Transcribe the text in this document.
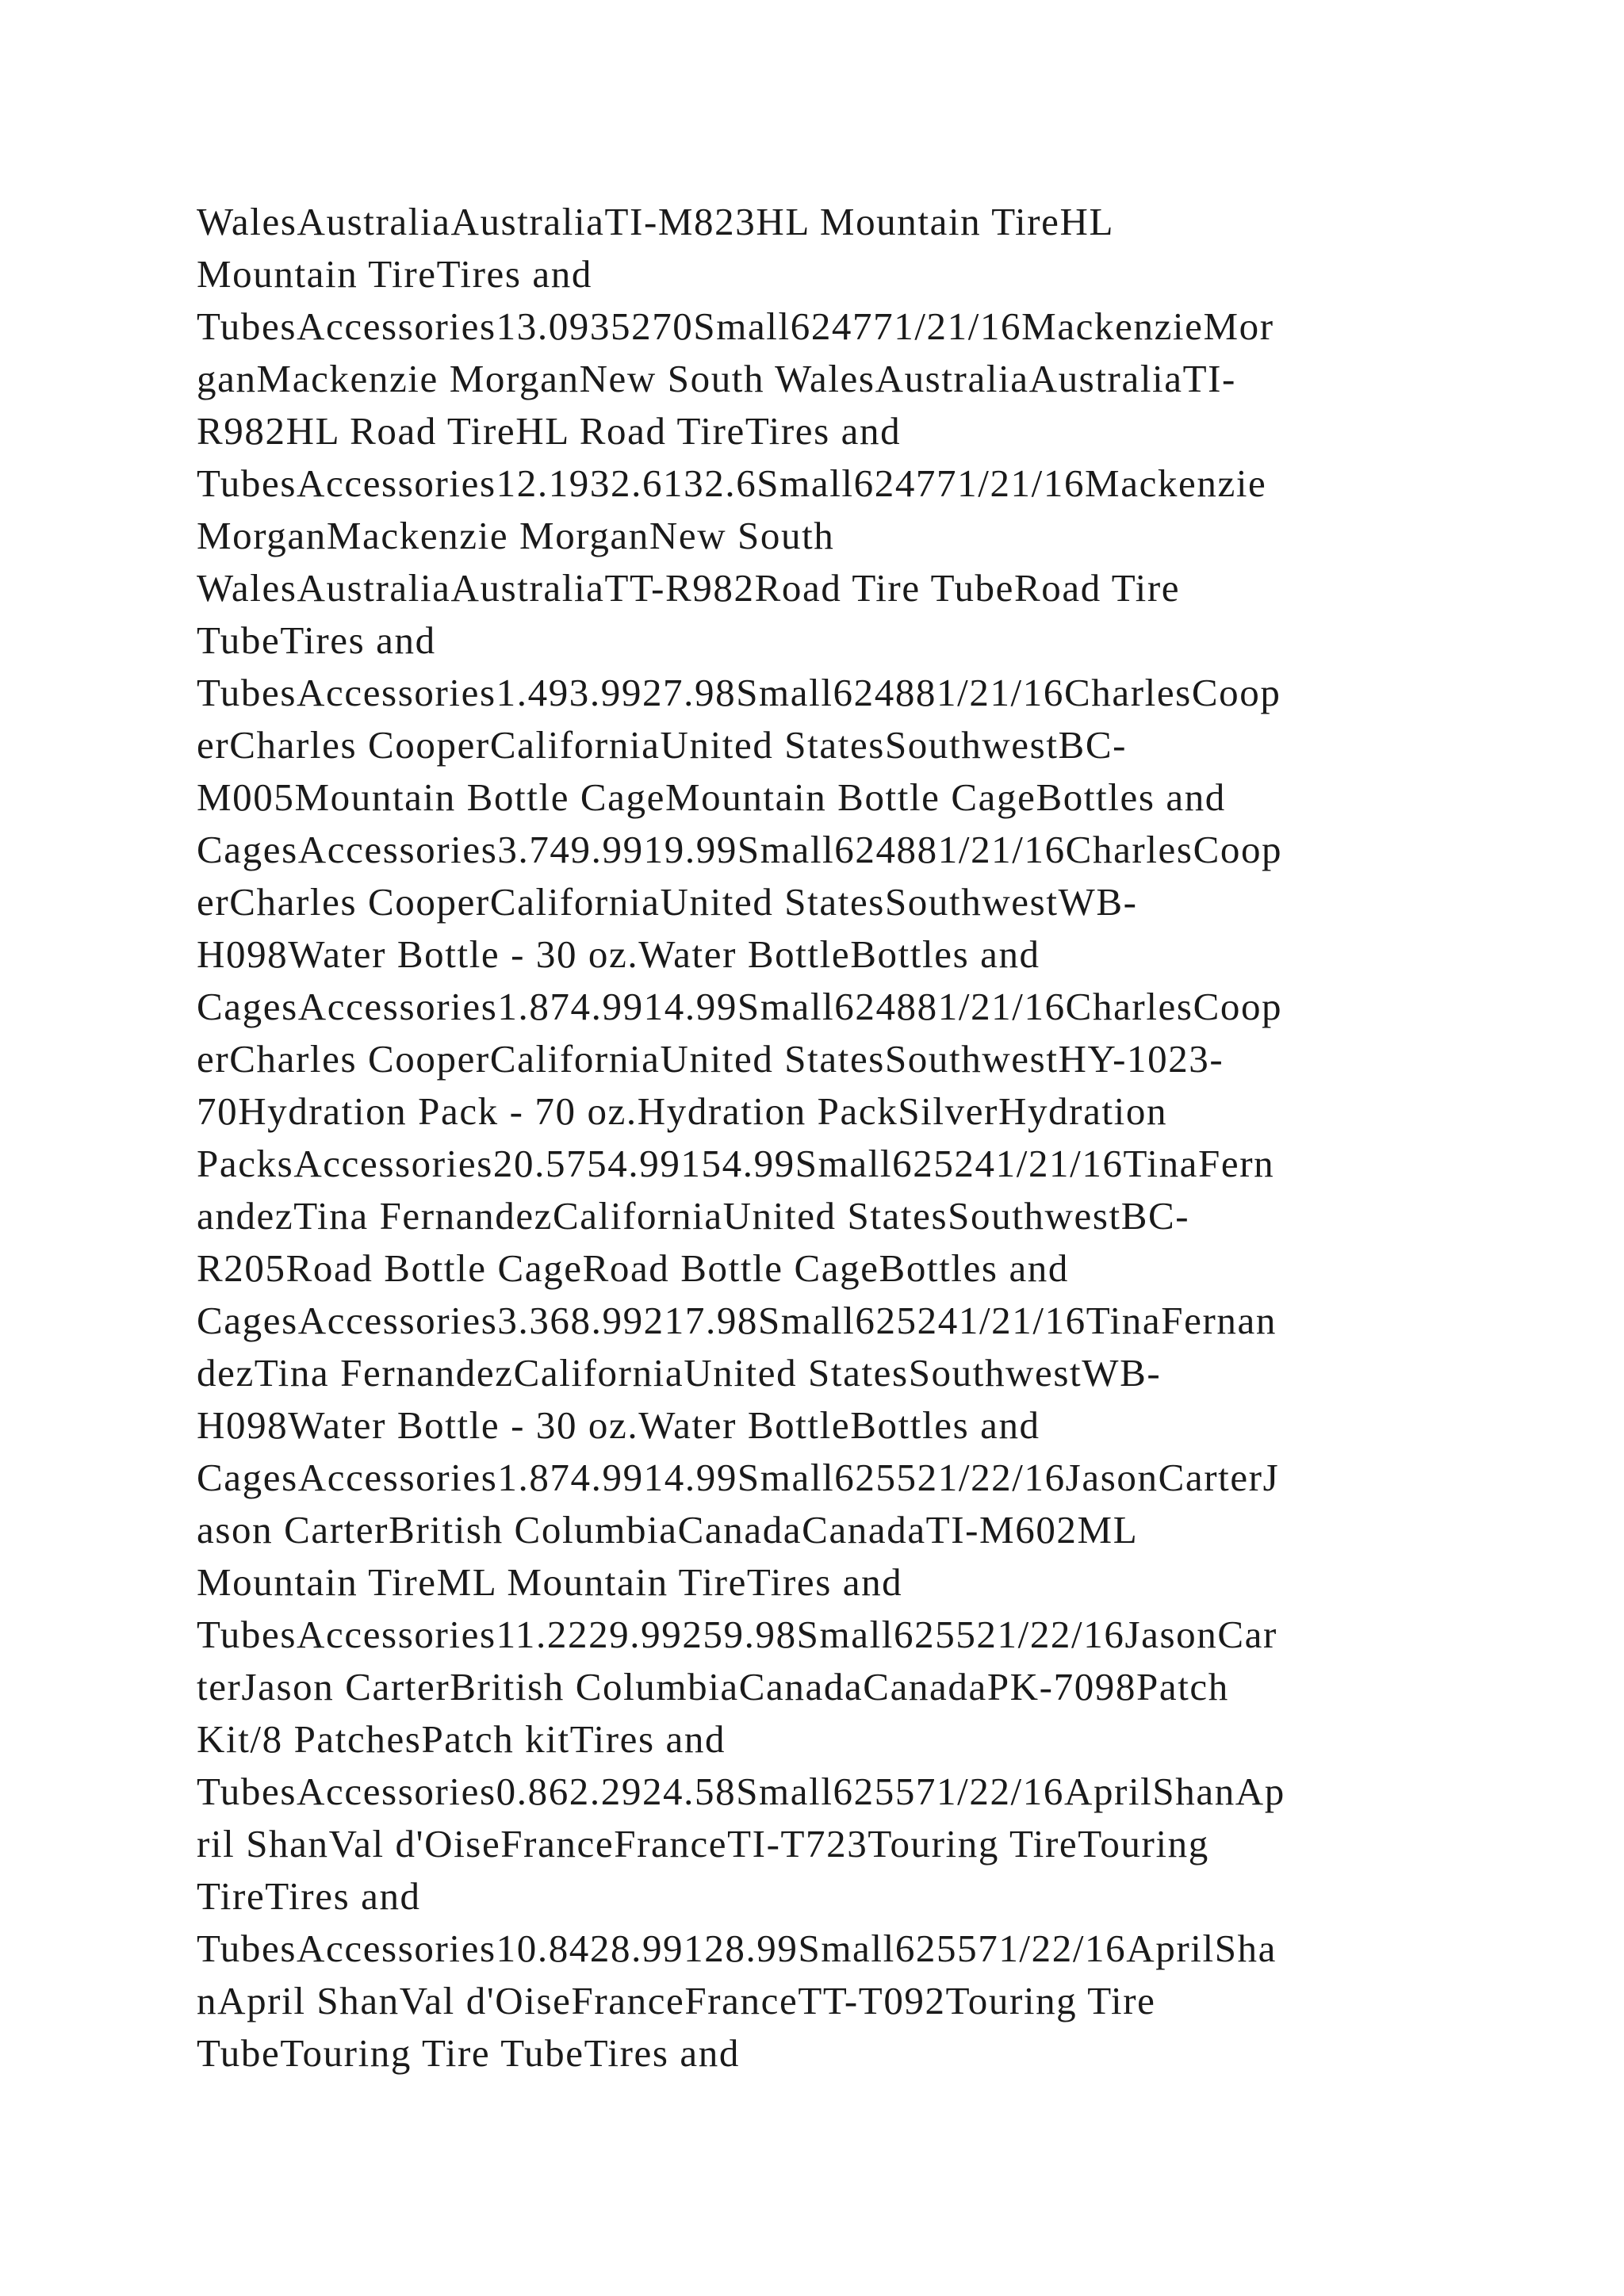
WalesAustraliaAustraliaTI-M823HL Mountain TireHL
Mountain TireTires and
TubesAccessories13.0935270Small624771/21/16MackenzieMor
ganMackenzie MorganNew South WalesAustraliaAustraliaTI-
R982HL Road TireHL Road TireTires and
TubesAccessories12.1932.6132.6Small624771/21/16Mackenzie
MorganMackenzie MorganNew South
WalesAustraliaAustraliaTT-R982Road Tire TubeRoad Tire
TubeTires and
TubesAccessories1.493.9927.98Small624881/21/16CharlesCoop
erCharles CooperCaliforniaUnited StatesSouthwestBC-
M005Mountain Bottle CageMountain Bottle CageBottles and
CagesAccessories3.749.9919.99Small624881/21/16CharlesCoop
erCharles CooperCaliforniaUnited StatesSouthwestWB-
H098Water Bottle - 30 oz.Water BottleBottles and
CagesAccessories1.874.9914.99Small624881/21/16CharlesCoop
erCharles CooperCaliforniaUnited StatesSouthwestHY-1023-
70Hydration Pack - 70 oz.Hydration PackSilverHydration
PacksAccessories20.5754.99154.99Small625241/21/16TinaFern
andezTina FernandezCaliforniaUnited StatesSouthwestBC-
R205Road Bottle CageRoad Bottle CageBottles and
CagesAccessories3.368.99217.98Small625241/21/16TinaFernan
dezTina FernandezCaliforniaUnited StatesSouthwestWB-
H098Water Bottle - 30 oz.Water BottleBottles and
CagesAccessories1.874.9914.99Small625521/22/16JasonCarterJ
ason CarterBritish ColumbiaCanadaCanadaTI-M602ML
Mountain TireML Mountain TireTires and
TubesAccessories11.2229.99259.98Small625521/22/16JasonCar
terJason CarterBritish ColumbiaCanadaCanadaPK-7098Patch
Kit/8 PatchesPatch kitTires and
TubesAccessories0.862.2924.58Small625571/22/16AprilShanAp
ril ShanVal d'OiseFranceFranceTI-T723Touring TireTouring
TireTires and
TubesAccessories10.8428.99128.99Small625571/22/16AprilSha
nApril ShanVal d'OiseFranceFranceTT-T092Touring Tire
TubeTouring Tire TubeTires and
